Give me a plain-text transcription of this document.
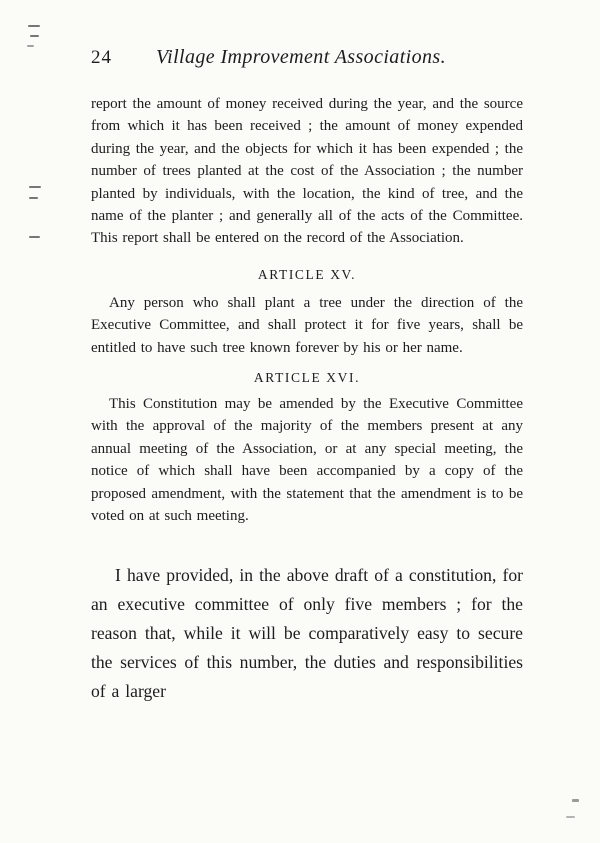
24 Village Improvement Associations.

report the amount of money received during the year, and the source from which it has been received ; the amount of money expended during the year, and the objects for which it has been expended ; the number of trees planted at the cost of the Association ; the number planted by individuals, with the location, the kind of tree, and the name of the planter ; and generally all of the acts of the Committee. This report shall be entered on the record of the Association.

ARTICLE XV.

Any person who shall plant a tree under the direction of the Executive Committee, and shall protect it for five years, shall be entitled to have such tree known forever by his or her name.

ARTICLE XVI.

This Constitution may be amended by the Executive Committee with the approval of the majority of the members present at any annual meeting of the Association, or at any special meeting, the notice of which shall have been accompanied by a copy of the proposed amendment, with the statement that the amendment is to be voted on at such meeting.

I have provided, in the above draft of a constitution, for an executive committee of only five members ; for the reason that, while it will be comparatively easy to secure the services of this number, the duties and responsibilities of a larger
